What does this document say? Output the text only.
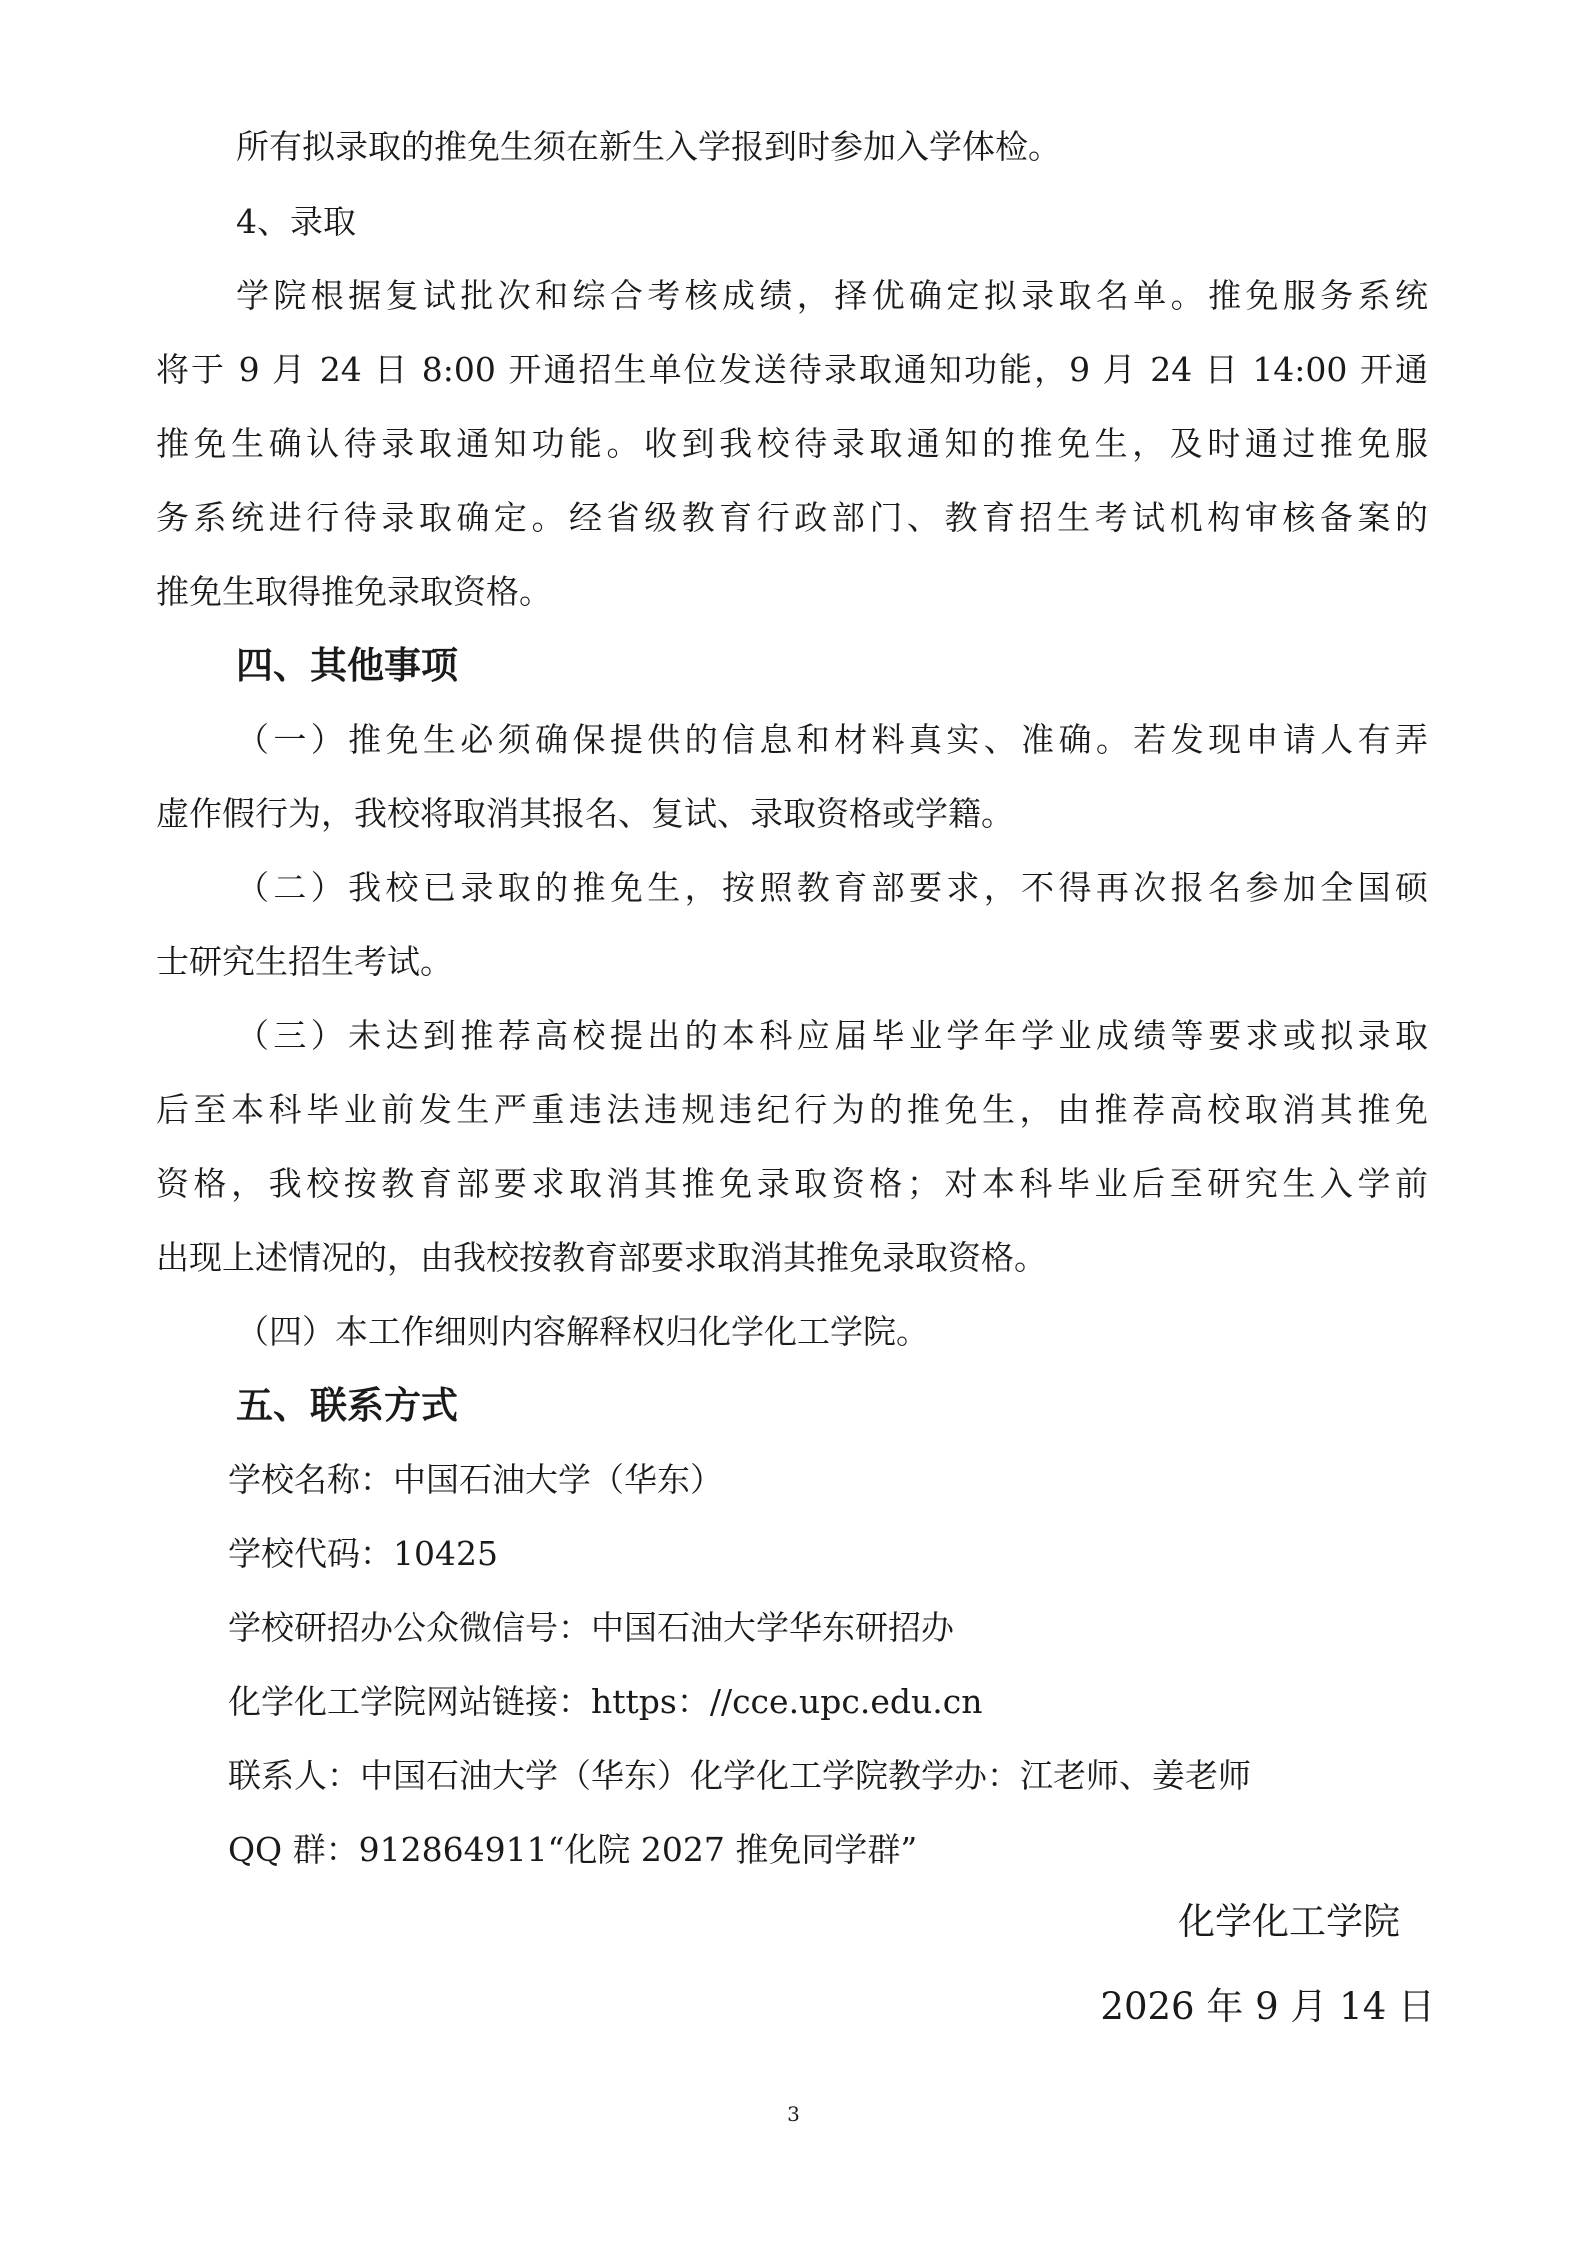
所有拟录取的推免生须在新生入学报到时参加入学体检。
4、录取
学院根据复试批次和综合考核成绩，择优确定拟录取名单。推免服务系统
将于 9 月 24 日 8:00 开通招生单位发送待录取通知功能，9 月 24 日 14:00 开通
推免生确认待录取通知功能。收到我校待录取通知的推免生，及时通过推免服
务系统进行待录取确定。经省级教育行政部门、教育招生考试机构审核备案的
推免生取得推免录取资格。
四、其他事项
（一）推免生必须确保提供的信息和材料真实、准确。若发现申请人有弄
虚作假行为，我校将取消其报名、复试、录取资格或学籍。
（二）我校已录取的推免生，按照教育部要求，不得再次报名参加全国硕
士研究生招生考试。
（三）未达到推荐高校提出的本科应届毕业学年学业成绩等要求或拟录取
后至本科毕业前发生严重违法违规违纪行为的推免生，由推荐高校取消其推免
资格，我校按教育部要求取消其推免录取资格；对本科毕业后至研究生入学前
出现上述情况的，由我校按教育部要求取消其推免录取资格。
（四）本工作细则内容解释权归化学化工学院。
五、联系方式
学校名称：中国石油大学（华东）
学校代码：10425
学校研招办公众微信号：中国石油大学华东研招办
化学化工学院网站链接：https：//cce.upc.edu.cn
联系人：中国石油大学（华东）化学化工学院教学办：江老师、姜老师
QQ 群：912864911“化院 2027 推免同学群”
化学化工学院
2026 年 9 月 14 日
3
